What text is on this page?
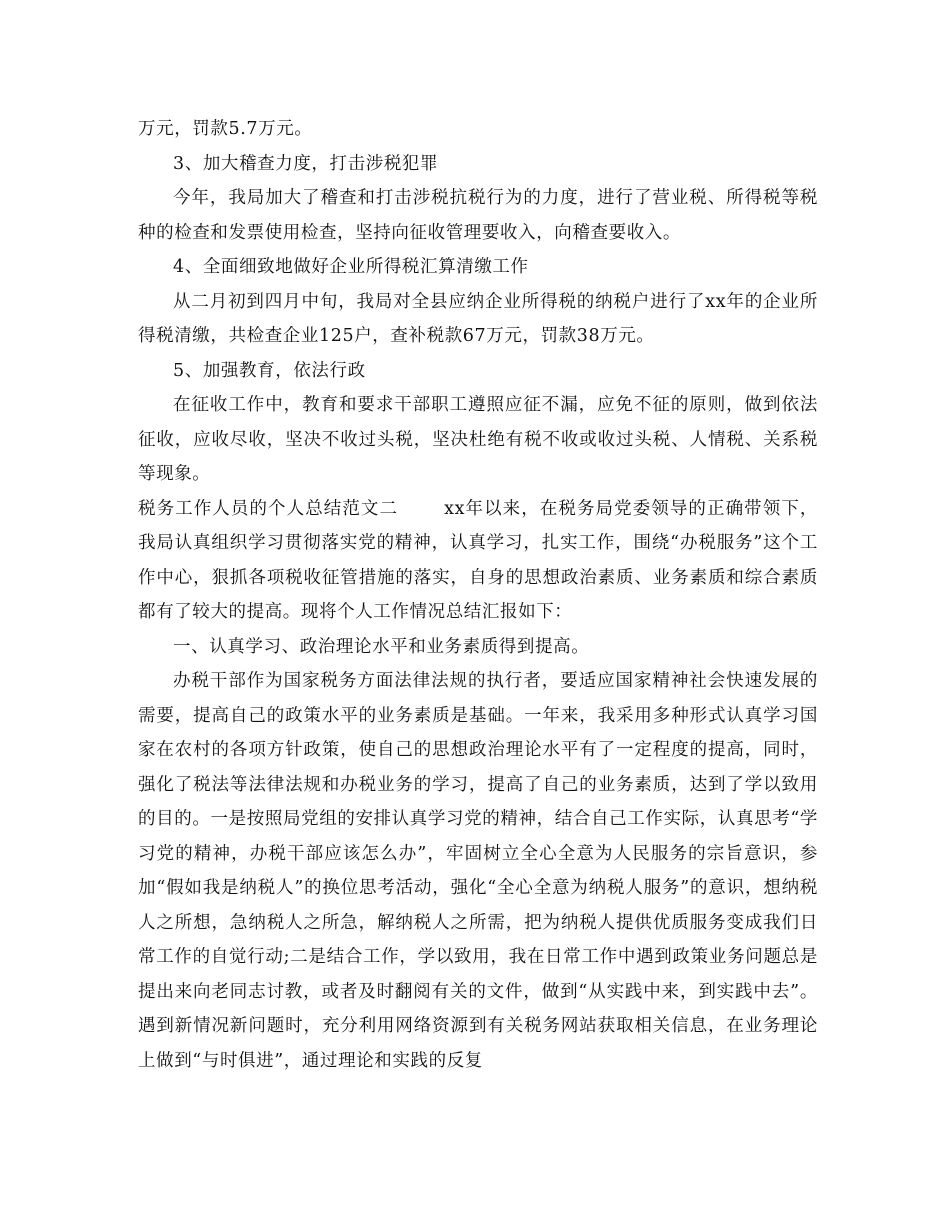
万元，罚款5.7万元。

3、加大稽查力度，打击涉税犯罪

今年，我局加大了稽查和打击涉税抗税行为的力度，进行了营业税、所得税等税种的检查和发票使用检查，坚持向征收管理要收入，向稽查要收入。

4、全面细致地做好企业所得税汇算清缴工作

从二月初到四月中旬，我局对全县应纳企业所得税的纳税户进行了xx年的企业所得税清缴，共检查企业125户，查补税款67万元，罚款38万元。

5、加强教育，依法行政

在征收工作中，教育和要求干部职工遵照应征不漏，应免不征的原则，做到依法征收，应收尽收，坚决不收过头税，坚决杜绝有税不收或收过头税、人情税、关系税等现象。

税务工作人员的个人总结范文二	xx年以来，在税务局党委领导的正确带领下，我局认真组织学习贯彻落实党的精神，认真学习，扎实工作，围绕“办税服务”这个工作中心，狠抓各项税收征管措施的落实，自身的思想政治素质、业务素质和综合素质都有了较大的提高。现将个人工作情况总结汇报如下：

一、认真学习、政治理论水平和业务素质得到提高。

办税干部作为国家税务方面法律法规的执行者，要适应国家精神社会快速发展的需要，提高自己的政策水平的业务素质是基础。一年来，我采用多种形式认真学习国家在农村的各项方针政策，使自己的思想政治理论水平有了一定程度的提高，同时，强化了税法等法律法规和办税业务的学习，提高了自己的业务素质，达到了学以致用的目的。一是按照局党组的安排认真学习党的精神，结合自己工作实际，认真思考“学习党的精神，办税干部应该怎么办”，牢固树立全心全意为人民服务的宗旨意识，参加“假如我是纳税人”的换位思考活动，强化“全心全意为纳税人服务”的意识，想纳税人之所想，急纳税人之所急，解纳税人之所需，把为纳税人提供优质服务变成我们日常工作的自觉行动;二是结合工作，学以致用，我在日常工作中遇到政策业务问题总是提出来向老同志讨教，或者及时翻阅有关的文件，做到“从实践中来，到实践中去”。遇到新情况新问题时，充分利用网络资源到有关税务网站获取相关信息，在业务理论上做到“与时俱进”，通过理论和实践的反复
